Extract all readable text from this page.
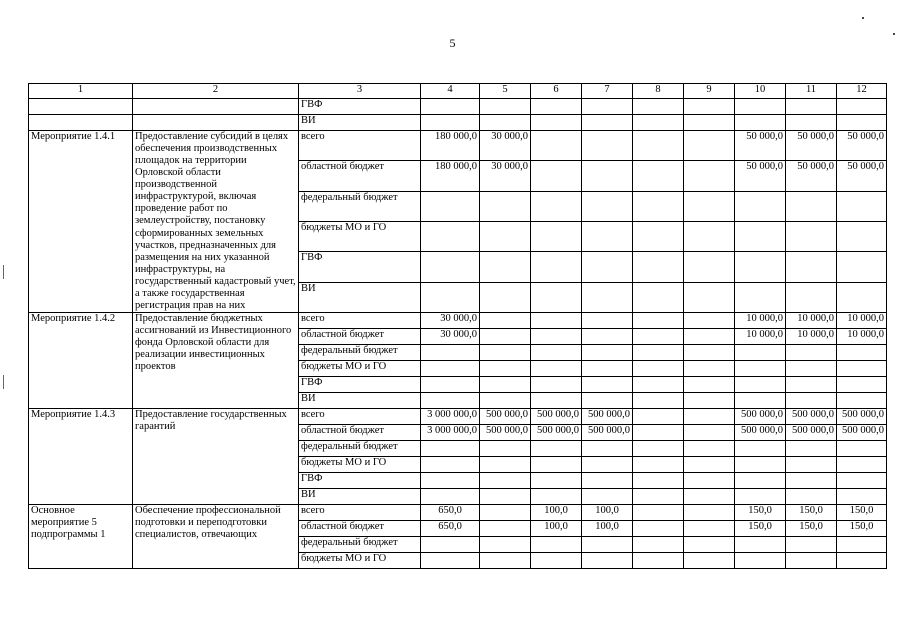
5
1	2	3	4	5	6	7	8	9	10	11	12
		ГВФ									
		ВИ									
Мероприятие 1.4.1	Предоставление субсидий в целях обеспечения производственных площадок на территории Орловской области производственной инфраструктурой, включая проведение работ по землеустройству, постановку сформированных земельных участков, предназначенных для размещения на них указанной инфраструктуры, на государственный кадастровый учет, а также государственная регистрация прав на них	всего	180 000,0	30 000,0					50 000,0	50 000,0	50 000,0
		областной бюджет	180 000,0	30 000,0					50 000,0	50 000,0	50 000,0
		федеральный бюджет									
		бюджеты МО и ГО									
		ГВФ									
		ВИ									
Мероприятие 1.4.2	Предоставление бюджетных ассигнований из Инвестиционного фонда Орловской области для реализации инвестиционных проектов	всего	30 000,0						10 000,0	10 000,0	10 000,0
		областной бюджет	30 000,0						10 000,0	10 000,0	10 000,0
		федеральный бюджет									
		бюджеты МО и ГО									
		ГВФ									
		ВИ									
Мероприятие 1.4.3	Предоставление государственных гарантий	всего	3 000 000,0	500 000,0	500 000,0	500 000,0			500 000,0	500 000,0	500 000,0
		областной бюджет	3 000 000,0	500 000,0	500 000,0	500 000,0			500 000,0	500 000,0	500 000,0
		федеральный бюджет									
		бюджеты МО и ГО									
		ГВФ									
		ВИ									
Основное мероприятие 5 подпрограммы 1	Обеспечение профессиональной подготовки и переподготовки специалистов, отвечающих	всего	650,0		100,0	100,0			150,0	150,0	150,0
		областной бюджет	650,0		100,0	100,0			150,0	150,0	150,0
		федеральный бюджет									
		бюджеты МО и ГО									
